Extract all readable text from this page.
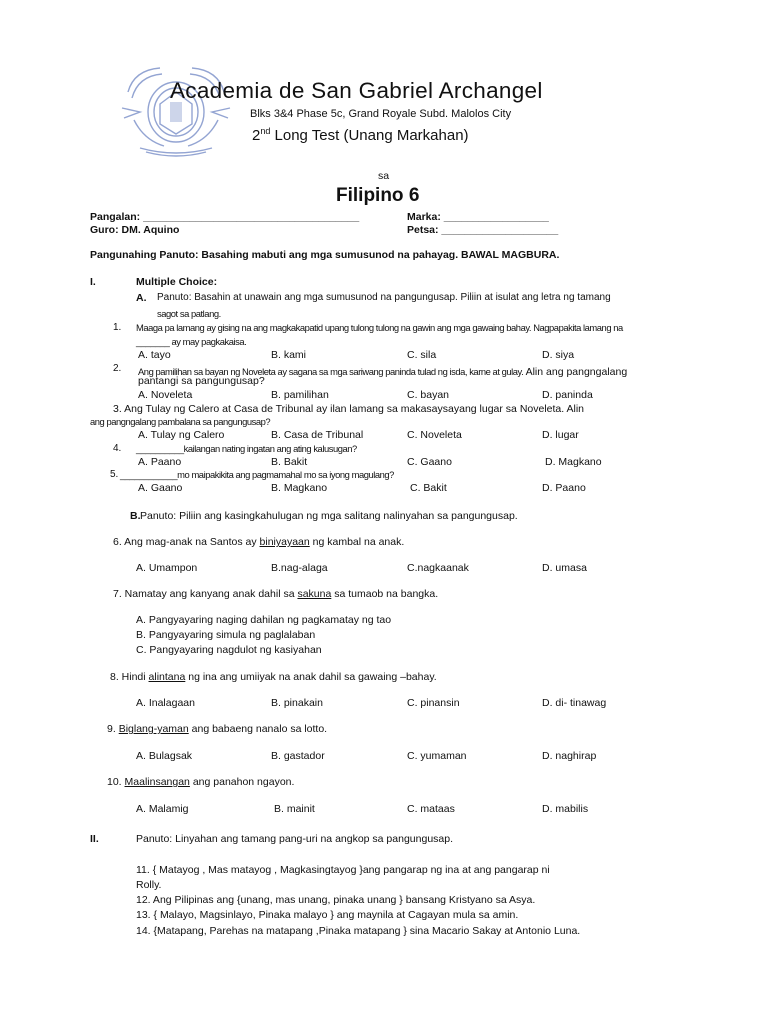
Academia de San Gabriel Archangel
Blks 3&4 Phase 5c, Grand Royale Subd. Malolos City
2nd Long Test (Unang Markahan)
sa
Filipino 6
Pangalan: _____________________________________
Guro: DM. Aquino
Marka: __________________
Petsa: ____________________
Pangunahing Panuto: Basahing mabuti ang mga sumusunod na pahayag. BAWAL MAGBURA.
I.	Multiple Choice:
A. Panuto: Basahin at unawain ang mga sumusunod na pangungusap. Piliin at isulat ang letra ng tamang
sagot sa patlang.
1. Maaga pa lamang ay gising na ang magkakapatid upang tulong tulong na gawin ang mga gawaing bahay. Nagpapakita lamang na
_______ ay may pagkakaisa.
A. tayo	B. kami	C. sila	D. siya
2. Ang pamilihan sa bayan ng Noveleta ay sagana sa mga sariwang paninda tulad ng isda, karne at gulay. Alin ang pangngalang
pantangi sa pangungusap?
A. Noveleta	B. pamilihan	C. bayan	D. paninda
3. Ang Tulay ng Calero at Casa de Tribunal ay ilan lamang sa makasaysayang lugar sa Noveleta. Alin
ang pangngalang pambalana sa pangungusap?
A. Tulay ng Calero	B. Casa de Tribunal	C. Noveleta	D. lugar
4. __________kailangan nating ingatan ang ating kalusugan?
A. Paano	B. Bakit	C. Gaano	D. Magkano
5. ____________mo maipakikita ang pagmamahal mo sa iyong magulang?
A. Gaano	B. Magkano	C. Bakit	D. Paano
B. Panuto: Piliin ang kasingkahulugan ng mga salitang nalinyahan sa pangungusap.
6. Ang mag-anak na Santos ay biniyayaan ng kambal na anak.
A. Umampon	B.nag-alaga	C.nagkaanak	D. umasa
7. Namatay ang kanyang anak dahil sa sakuna sa tumaob na bangka.
A. Pangyayaring naging dahilan ng pagkamatay ng tao
B. Pangyayaring simula ng paglalaban
C. Pangyayaring nagdulot ng kasiyahan
8. Hindi alintana ng ina ang umiiyak na anak dahil sa gawaing –bahay.
A. Inalagaan	B. pinakain	C. pinansin	D. di- tinawag
9. Biglang-yaman ang babaeng nanalo sa lotto.
A. Bulagsak	B. gastador	C. yumaman	D. naghirap
10. Maalinsangan ang panahon ngayon.
A. Malamig	B. mainit	C. mataas	D. mabilis
II.	Panuto: Linyahan ang tamang pang-uri na angkop sa pangungusap.
11. { Matayog , Mas matayog , Magkasingtayog }ang pangarap ng ina at ang pangarap ni
Rolly.
12. Ang Pilipinas ang {unang, mas unang, pinaka unang } bansang Kristyano sa Asya.
13. { Malayo, Magsinlayo, Pinaka malayo } ang maynila at Cagayan mula sa amin.
14. {Matapang, Parehas na matapang ,Pinaka matapang } sina Macario Sakay at Antonio Luna.
